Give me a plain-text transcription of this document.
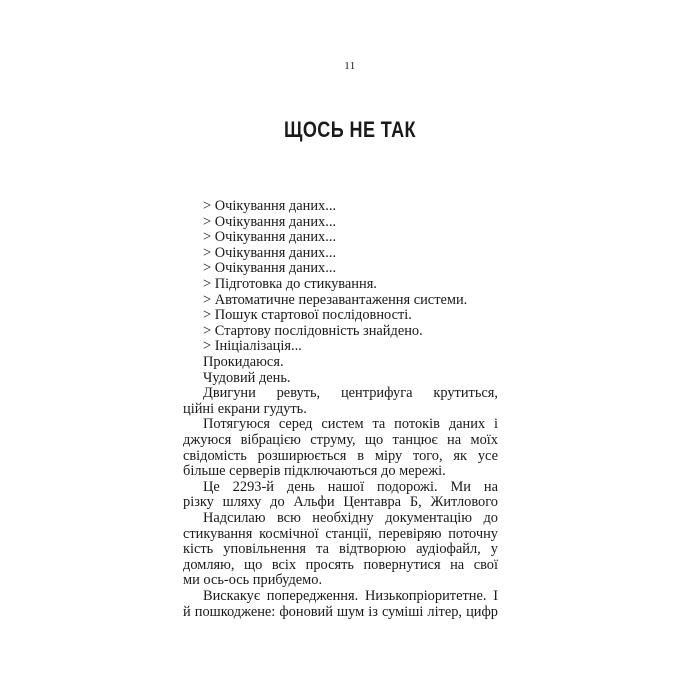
11
ЩОСЬ НЕ ТАК
> Очікування даних...
> Очікування даних...
> Очікування даних...
> Очікування даних...
> Очікування даних...
> Підготовка до стикування.
> Автоматичне перезавантаження системи.
> Пошук стартової послідовності.
> Стартову послідовність знайдено.
> Ініціалізація...
Прокидаюся.
Чудовий день.
Двигуни ревуть, центрифуга крутиться,
ційні екрани гудуть.
Потягуюся серед систем та потоків даних і
джуюся вібрацією струму, що танцює на моїх
свідомість розширюється в міру того, як усе
більше серверів підключаються до мережі.
Це 2293-й день нашої подорожі. Ми на
різку шляху до Альфи Центавра Б, Житлового
Надсилаю всю необхідну документацію до
стикування космічної станції, перевіряю поточну
кість уповільнення та відтворюю аудіофайл, у
домляю, що всіх просять повернутися на свої
ми ось-ось прибудемо.
Вискакує попередження. Низькопріоритетне. І
й пошкоджене: фоновий шум із суміші літер, цифр
